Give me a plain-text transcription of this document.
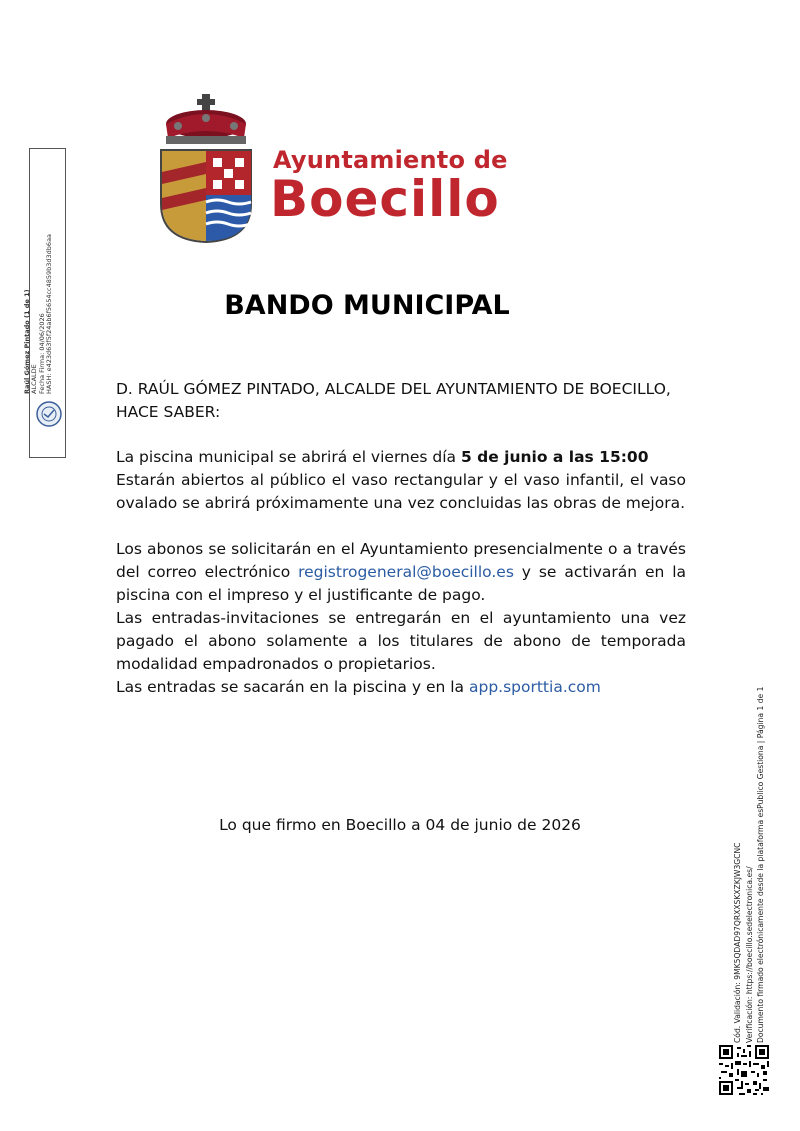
Ayuntamiento de
Boecillo
BANDO MUNICIPAL
D. RAÚL GÓMEZ PINTADO, ALCALDE DEL AYUNTAMIENTO DE BOECILLO,
HACE SABER:
La piscina municipal se abrirá el viernes día 5 de junio a las 15:00
Estarán abiertos al público el vaso rectangular y el vaso infantil, el vaso
ovalado se abrirá próximamente una vez concluidas las obras de mejora.
Los abonos se solicitarán en el Ayuntamiento presencialmente o a través
del correo electrónico registrogeneral@boecillo.es y se activarán en la
piscina con el impreso y el justificante de pago.
Las entradas-invitaciones se entregarán en el ayuntamiento una vez
pagado el abono solamente a los titulares de abono de temporada
modalidad empadronados o propietarios.
Las entradas se sacarán en la piscina y en la app.sporttia.com
Lo que firmo en Boecillo a 04 de junio de 2026
Raúl Gómez Pintado (1 de 1) ALCALDE Fecha Firma: 04/06/2026 HASH: e423d63f5f24ab6f5654cc4859b3d3db6aa
Cód. Validación: 9MK5QDAD97QRXXSKXZKJW3GCNC Verificación: https://boecillo.sedelectronica.es/ Documento firmado electrónicamente desde la plataforma esPublico Gestiona | Página 1 de 1
